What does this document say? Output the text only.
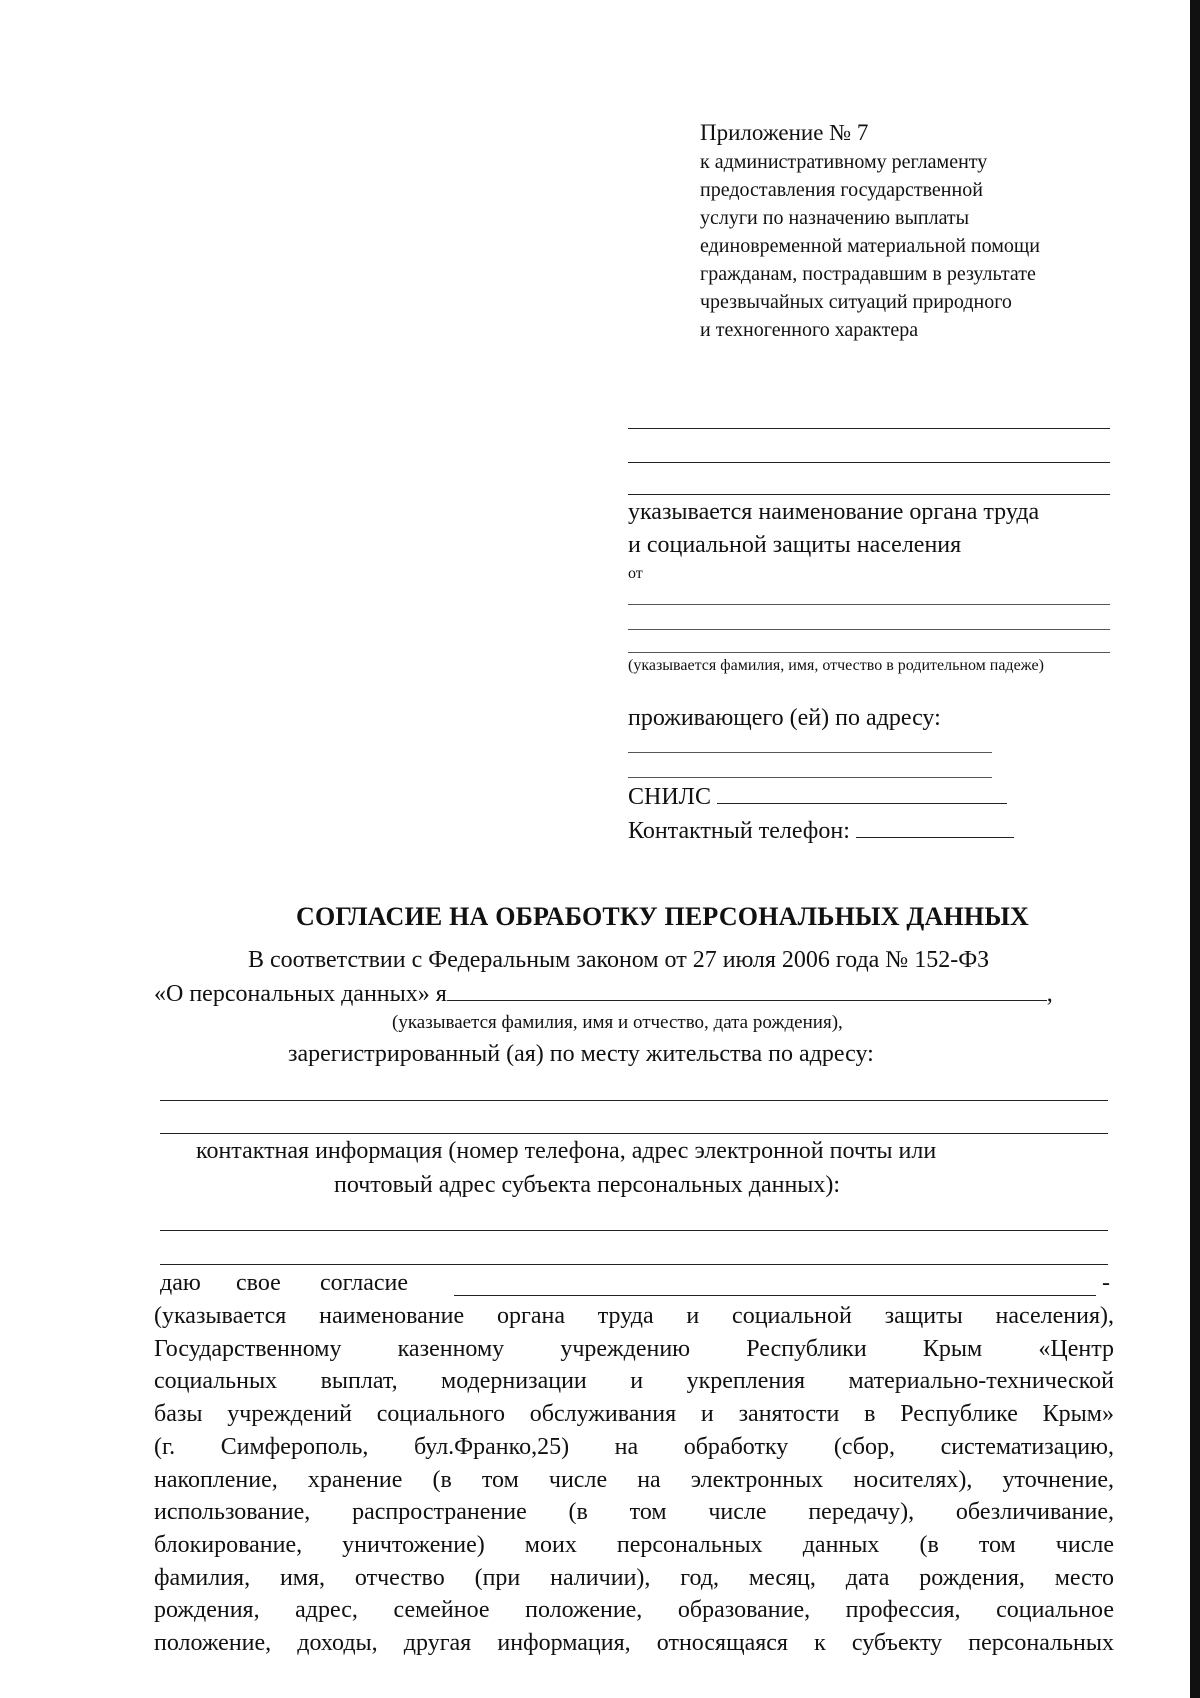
Приложение № 7
к административному регламенту
предоставления государственной
услуги по назначению выплаты
единовременной материальной помощи
гражданам, пострадавшим в результате
чрезвычайных ситуаций природного
и техногенного характера
указывается наименование органа труда
и социальной защиты населения
от
(указывается фамилия, имя, отчество в родительном падеже)
проживающего (ей) по адресу:
СНИЛС
Контактный телефон:
СОГЛАСИЕ НА ОБРАБОТКУ ПЕРСОНАЛЬНЫХ ДАННЫХ
В соответствии с Федеральным законом от 27 июля 2006 года № 152-ФЗ
«О персональных данных» я	,
(указывается фамилия, имя и отчество, дата рождения),
зарегистрированный (ая) по месту жительства по адресу:
контактная информация (номер телефона, адрес электронной почты или
почтовый адрес субъекта персональных данных):
даю свое согласие	-
(указывается наименование органа труда и социальной защиты населения),
Государственному казенному учреждению Республики Крым «Центр
социальных выплат, модернизации и укрепления материально-технической
базы учреждений социального обслуживания и занятости в Республике Крым»
(г. Симферополь, бул.Франко,25) на обработку (сбор, систематизацию,
накопление, хранение (в том числе на электронных носителях), уточнение,
использование, распространение (в том числе передачу), обезличивание,
блокирование, уничтожение) моих персональных данных (в том числе
фамилия, имя, отчество (при наличии), год, месяц, дата рождения, место
рождения, адрес, семейное положение, образование, профессия, социальное
положение, доходы, другая информация, относящаяся к субъекту персональных
